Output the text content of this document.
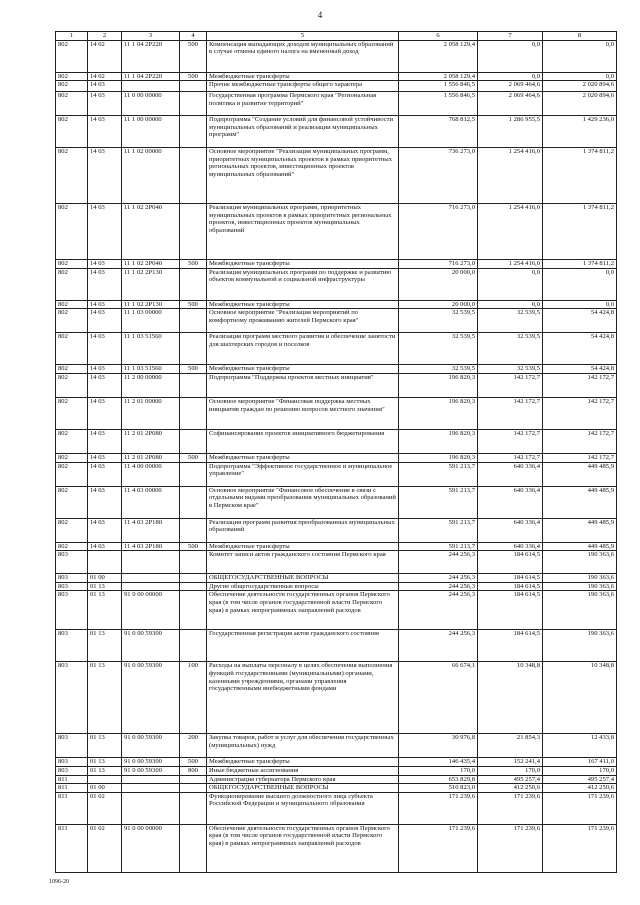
4
1	2	3	4	5	6	7	8
802	14 02	11 1 04 2P220	500	Компенсация выпадающих доходов муниципальных образований в случае отмены единого налога на вмененный доход	2 058 129,4	0,0	0,0
802	14 02	11 1 04 2P220	500	Межбюджетные трансферты	2 058 129,4	0,0	0,0
802	14 03			Прочие межбюджетные трансферты общего характера	1 556 846,5	2 069 464,6	2 020 894,6
802	14 03	11 0 00 00000		Государственная программа Пермского края "Региональная политика и развитие территорий"	1 556 846,5	2 069 464,6	2 020 894,6
802	14 03	11 1 00 00000		Подпрограмма "Создание условий для финансовой устойчивости муниципальных образований и реализации муниципальных программ"	768 812,5	1 286 955,5	1 429 236,0
802	14 03	11 1 02 00000		Основное мероприятие "Реализация муниципальных программ, приоритетных муниципальных проектов в рамках приоритетных региональных проектов, инвестиционных проектов муниципальных образований"	736 273,0	1 254 416,0	1 374 811,2
802	14 03	11 1 02 2P040		Реализация муниципальных программ, приоритетных муниципальных проектов в рамках приоритетных региональных проектов, инвестиционных проектов муниципальных образований	716 273,0	1 254 416,0	1 374 811,2
802	14 03	11 1 02 2P040	500	Межбюджетные трансферты	716 273,0	1 254 416,0	1 374 811,2
802	14 03	11 1 02 2P130		Реализация муниципальных программ по поддержке и развитию объектов коммунальной и социальной инфраструктуры	20 000,0	0,0	0,0
802	14 03	11 1 02 2P130	500	Межбюджетные трансферты	20 000,0	0,0	0,0
802	14 03	11 1 03 00000		Основное мероприятие "Реализация мероприятий по комфортному проживанию жителей Пермского края"	32 539,5	32 539,5	54 424,8
802	14 03	11 1 03 51560		Реализация программ местного развития и обеспечение занятости для шахтерских городов и поселков	32 539,5	32 539,5	54 424,8
802	14 03	11 1 03 51560	500	Межбюджетные трансферты	32 539,5	32 539,5	54 424,8
802	14 03	11 2 00 00000		Подпрограмма "Поддержка проектов местных инициатив"	196 820,3	142 172,7	142 172,7
802	14 03	11 2 01 00000		Основное мероприятие "Финансовая поддержка местных инициатив граждан по решению вопросов местного значения"	196 820,3	142 172,7	142 172,7
802	14 03	11 2 01 2P080		Софинансирование проектов инициативного бюджетирования	196 820,3	142 172,7	142 172,7
802	14 03	11 2 01 2P080	500	Межбюджетные трансферты	196 820,3	142 172,7	142 172,7
802	14 03	11 4 00 00000		Подпрограмма "Эффективное государственное и муниципальное управление"	591 213,7	640 336,4	449 485,9
802	14 03	11 4 03 00000		Основное мероприятие "Финансовое обеспечение в связи с отдельными видами преобразования муниципальных образований в Пермском крае"	591 213,7	640 336,4	449 485,9
802	14 03	11 4 03 2P180		Реализация программ развития преобразованных муниципальных образований	591 213,7	640 336,4	449 485,9
802	14 03	11 4 03 2P180	500	Межбюджетные трансферты	591 213,7	640 336,4	449 485,9
803				Комитет записи актов гражданского состояния Пермского края	244 256,3	184 614,5	190 363,6
803	01 00			ОБЩЕГОСУДАРСТВЕННЫЕ ВОПРОСЫ	244 256,3	184 614,5	190 363,6
803	01 13			Другие общегосударственные вопросы	244 256,3	184 614,5	190 363,6
803	01 13	91 0 00 00000		Обеспечение деятельности государственных органов Пермского края (в том числе органов государственной власти Пермского края) в рамках непрограммных направлений расходов	244 256,3	184 614,5	190 363,6
803	01 13	91 0 00 59300		Государственная регистрация актов гражданского состояния	244 256,3	184 614,5	190 363,6
803	01 13	91 0 00 59300	100	Расходы на выплаты персоналу в целях обеспечения выполнения функций государственными (муниципальными) органами, казенными учреждениями, органами управления государственными внебюджетными фондами	66 674,1	10 348,8	10 348,8
803	01 13	91 0 00 59300	200	Закупка товаров, работ и услуг для обеспечения государственных (муниципальных) нужд	30 976,8	21 854,3	12 433,8
803	01 13	91 0 00 59300	500	Межбюджетные трансферты	146 435,4	152 241,4	167 411,0
803	01 13	91 0 00 59300	800	Иные бюджетные ассигнования	170,0	170,0	170,0
811				Администрация губернатора Пермского края	653 829,8	495 257,4	495 257,4
811	01 00			ОБЩЕГОСУДАРСТВЕННЫЕ ВОПРОСЫ	510 823,0	412 250,6	412 250,6
811	01 02			Функционирование высшего должностного лица субъекта Российской Федерации и муниципального образования	171 239,6	171 239,6	171 239,6
811	01 02	91 0 00 00000		Обеспечение деятельности государственных органов Пермского края (в том числе органов государственной власти Пермского края) в рамках непрограммных направлений расходов	171 239,6	171 239,6	171 239,6
1096-20
